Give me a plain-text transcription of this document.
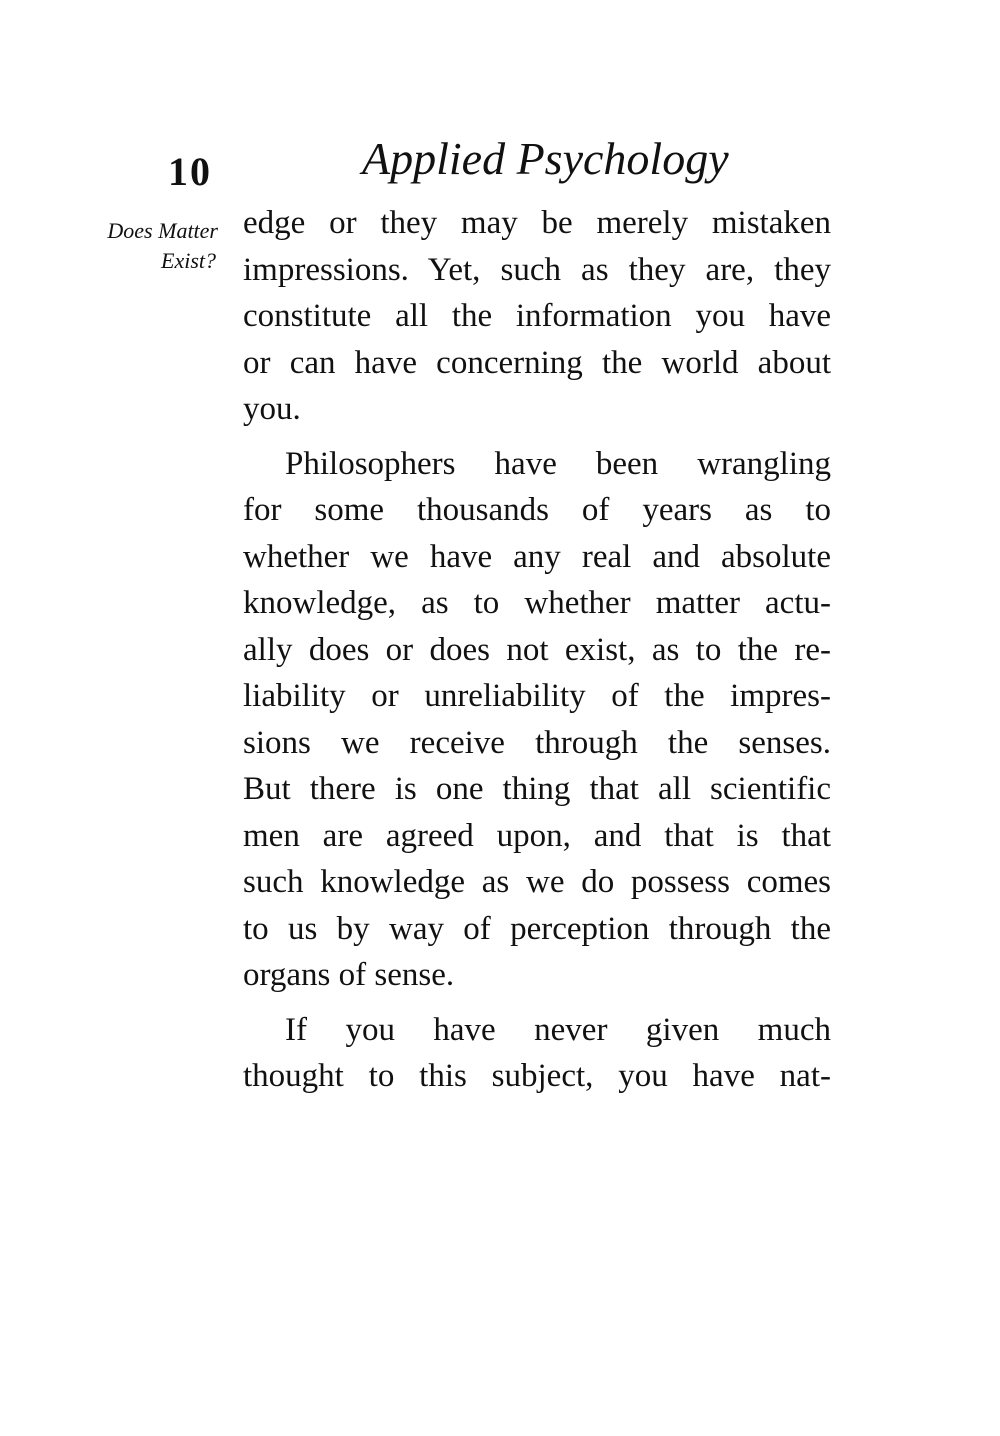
10	Applied Psychology
Does Matter
Exist?
edge or they may be merely mistaken
impressions. Yet, such as they are, they
constitute all the information you have
or can have concerning the world about
you.
Philosophers have been wrangling
for some thousands of years as to
whether we have any real and absolute
knowledge, as to whether matter actu-
ally does or does not exist, as to the re-
liability or unreliability of the impres-
sions we receive through the senses.
But there is one thing that all scientific
men are agreed upon, and that is that
such knowledge as we do possess comes
to us by way of perception through the
organs of sense.
If you have never given much
thought to this subject, you have nat-
